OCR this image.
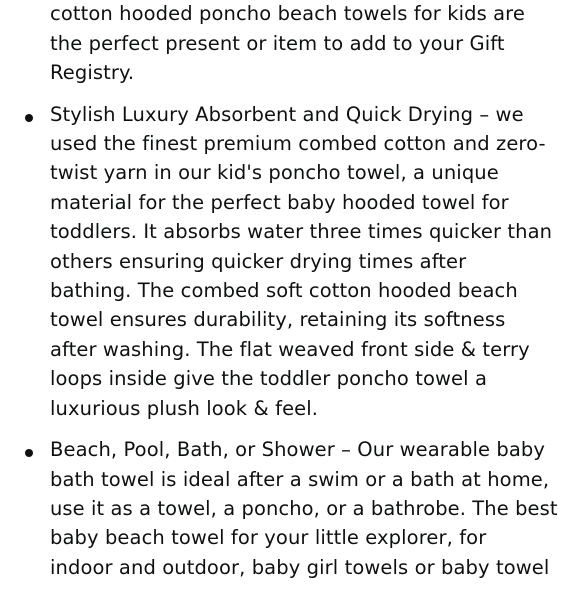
cotton hooded poncho beach towels for kids are
the perfect present or item to add to your Gift
Registry.
Stylish Luxury Absorbent and Quick Drying – we
used the finest premium combed cotton and zero-
twist yarn in our kid's poncho towel, a unique
material for the perfect baby hooded towel for
toddlers. It absorbs water three times quicker than
others ensuring quicker drying times after
bathing. The combed soft cotton hooded beach
towel ensures durability, retaining its softness
after washing. The flat weaved front side & terry
loops inside give the toddler poncho towel a
luxurious plush look & feel.
Beach, Pool, Bath, or Shower – Our wearable baby
bath towel is ideal after a swim or a bath at home,
use it as a towel, a poncho, or a bathrobe. The best
baby beach towel for your little explorer, for
indoor and outdoor, baby girl towels or baby towel
